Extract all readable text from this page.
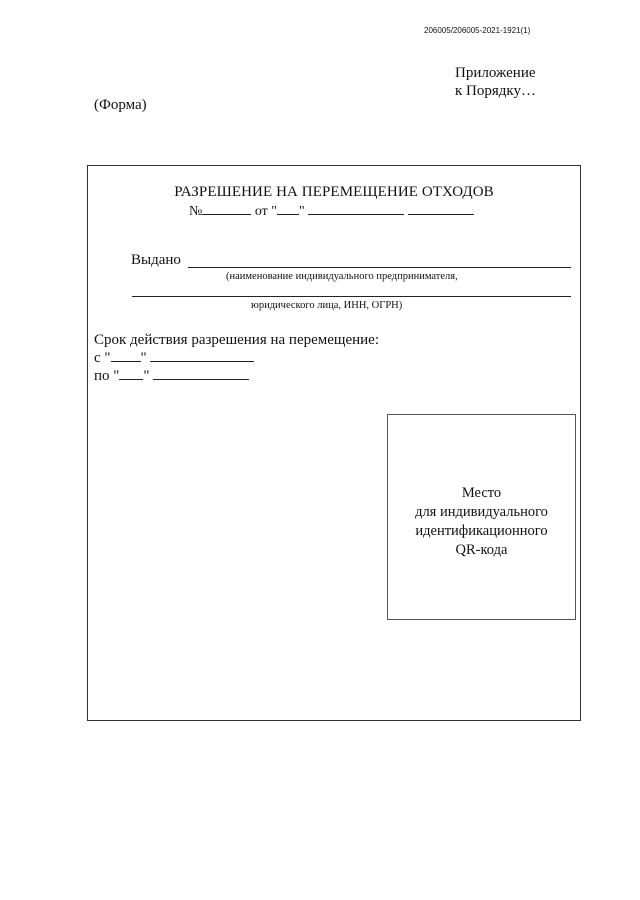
206005/206005-2021-1921(1)
Приложение
к Порядку…
(Форма)
РАЗРЕШЕНИЕ НА ПЕРЕМЕЩЕНИЕ ОТХОДОВ
№	от " "
Выдано
(наименование индивидуального предпринимателя,
юридического лица, ИНН, ОГРН)
Срок действия разрешения на перемещение:
с " "
по " "
Место
для индивидуального
идентификационного
QR-кода
